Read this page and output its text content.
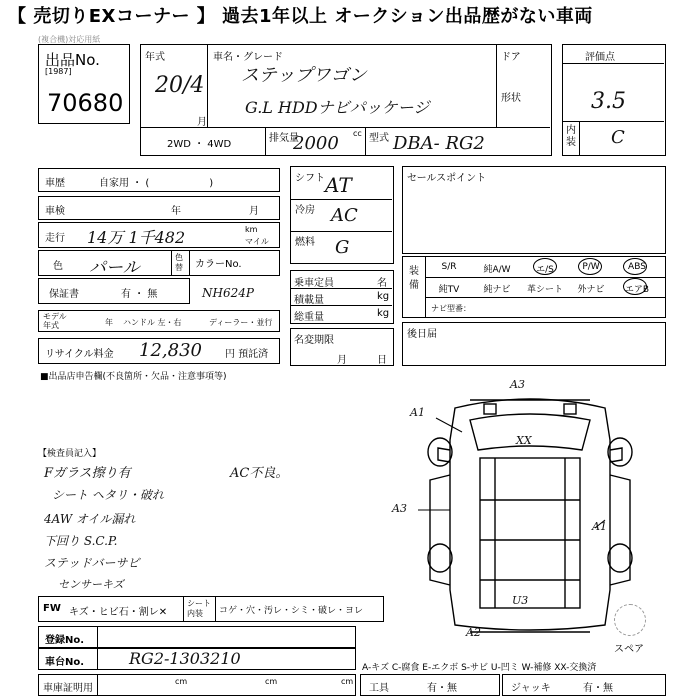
【 売切りEXコーナー 】 過去1年以上 オークション出品歴がない車両
(複合機)対応用紙
出品No.
[1987]
70680
年式
20/4
月
車名・グレード
ステップワゴン
G.L HDDナビパッケージ
ドア
形状
2WD ・ 4WD
排気量	cc
2000	型式 DBA- RG2
評価点
3.5
内装 C
車歴	自家用 ・ (　　　　　　)
車検	年	月
走行 14万 1千482	km
マイル
色 パール
色替 カラーNo.
保証書	有 ・ 無	NH624P
モデル年式	年 ハンドル 左・右	ディーラー・並行
リサイクル料金 12,830 円 預託済
シフト AT
冷房 AC
燃料 G
乗車定員	名
積載量	kg
総重量	kg
名変期限
月	日
セールスポイント
装備
S/R	純A/W	エ/S	P/W	ABS
純TV	純ナビ	革シート	外ナビ	エアB
ナビ型番：
後日届
■出品店申告欄(不良箇所・欠品・注意事項等)
【検査員記入】
Fガラス擦り有
シート ヘタリ・破れ
4AW オイル漏れ
下回り S.C.P.
ステッドバーサビ
センサーキズ
AC不良。
FW キズ・ヒビ石・割レ✕
シート内装	コゲ・穴・汚レ・シミ・破レ・ヨレ
登録No.
車台No.	RG2-1303210
車庫証明用
cm	cm	cm
A-キズ C-腐食 E-エクボ S-サビ U-凹ミ W-補修 XX-交換済
工具	有・無	ジャッキ	有・無
A3
A1
XX
A3
A1
U3
A2
スペア
